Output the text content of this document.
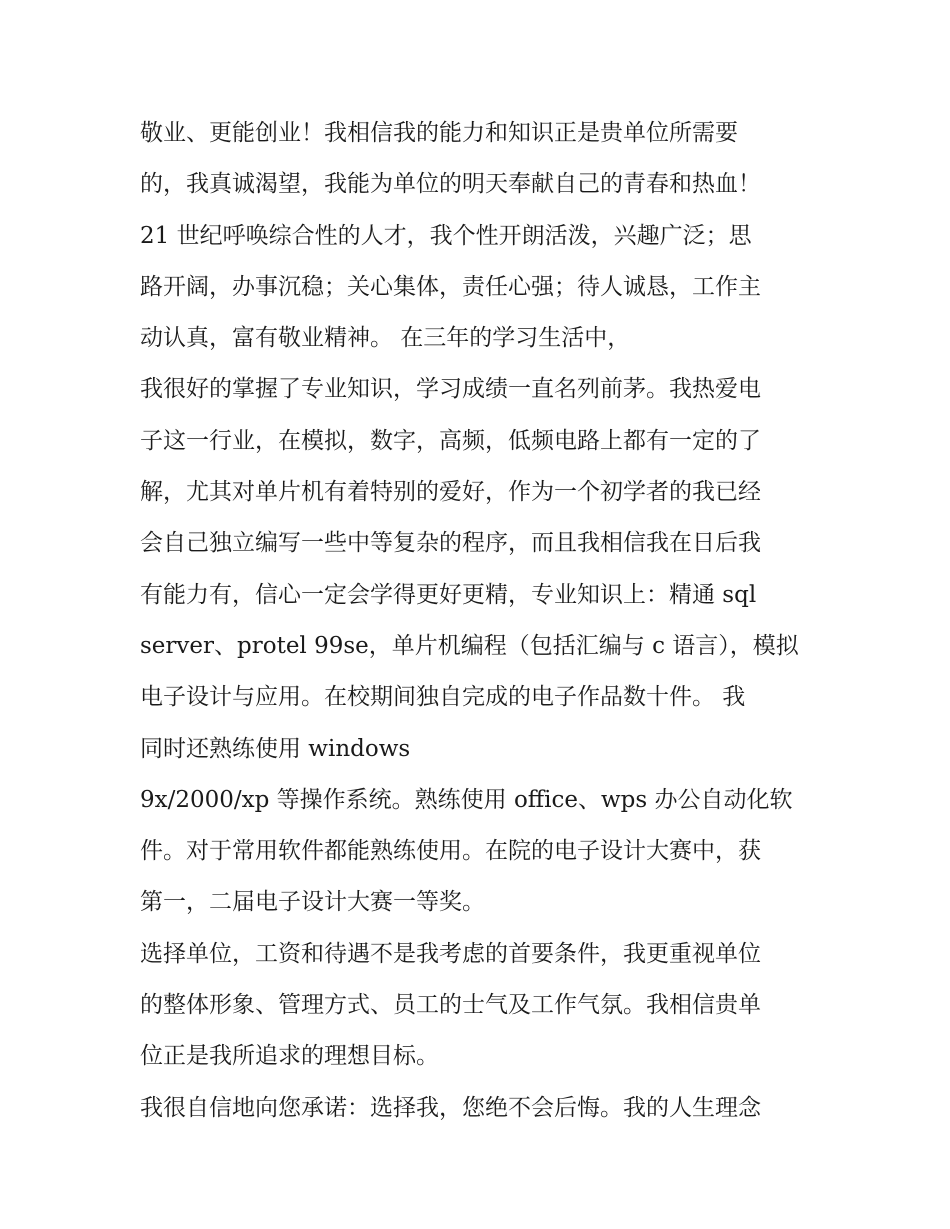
敬业、更能创业！我相信我的能力和知识正是贵单位所需要
的，我真诚渴望，我能为单位的明天奉献自己的青春和热血！
21 世纪呼唤综合性的人才，我个性开朗活泼，兴趣广泛；思
路开阔，办事沉稳；关心集体，责任心强；待人诚恳，工作主
动认真，富有敬业精神。 在三年的学习生活中，
我很好的掌握了专业知识，学习成绩一直名列前茅。我热爱电
子这一行业，在模拟，数字，高频，低频电路上都有一定的了
解，尤其对单片机有着特别的爱好，作为一个初学者的我已经
会自己独立编写一些中等复杂的程序，而且我相信我在日后我
有能力有，信心一定会学得更好更精，专业知识上：精通 sql
server、protel 99se，单片机编程（包括汇编与 c 语言），模拟
电子设计与应用。在校期间独自完成的电子作品数十件。 我
同时还熟练使用 windows
9x/2000/xp 等操作系统。熟练使用 office、wps 办公自动化软
件。对于常用软件都能熟练使用。在院的电子设计大赛中，获
第一，二届电子设计大赛一等奖。
选择单位，工资和待遇不是我考虑的首要条件，我更重视单位
的整体形象、管理方式、员工的士气及工作气氛。我相信贵单
位正是我所追求的理想目标。
我很自信地向您承诺：选择我，您绝不会后悔。我的人生理念
